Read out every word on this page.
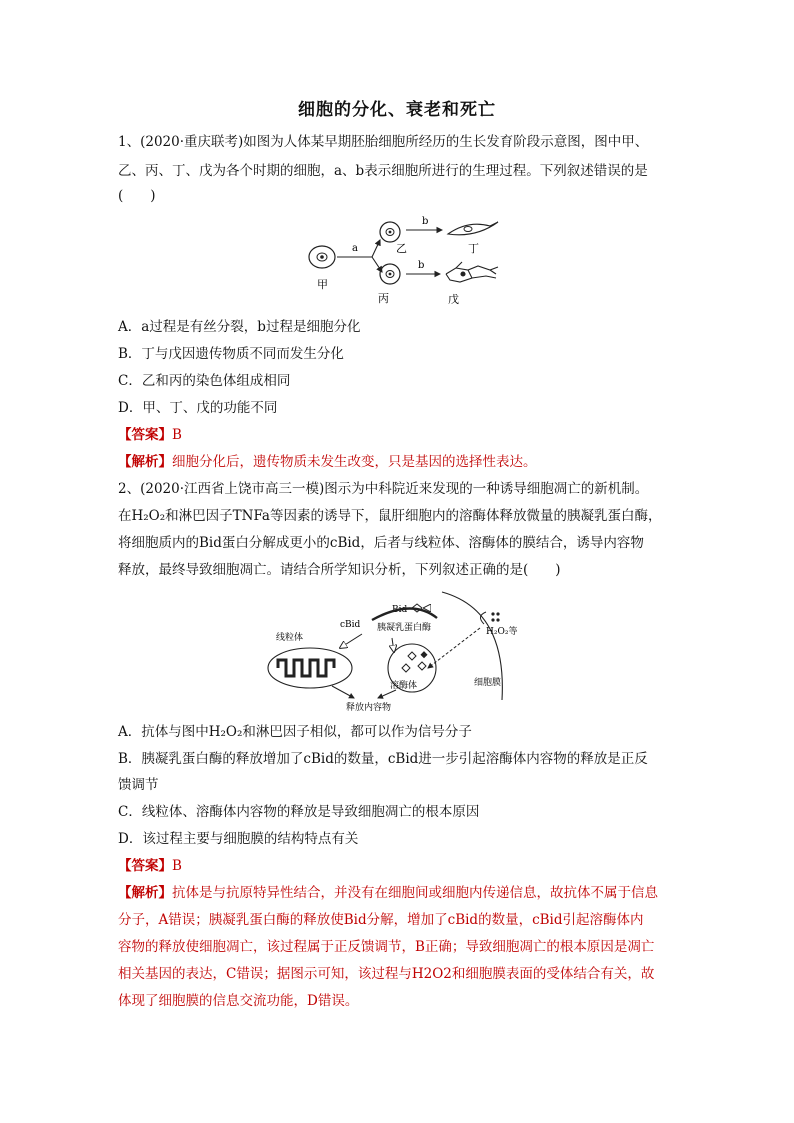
细胞的分化、衰老和死亡
1、(2020·重庆联考)如图为人体某早期胚胎细胞所经历的生长发育阶段示意图，图中甲、
乙、丙、丁、戊为各个时期的细胞，a、b表示细胞所进行的生理过程。下列叙述错误的是
(　　)
甲
a	乙
b
丁
丙
b
戊
A．a过程是有丝分裂，b过程是细胞分化
B．丁与戊因遗传物质不同而发生分化
C．乙和丙的染色体组成相同
D．甲、丁、戊的功能不同
【答案】B
【解析】细胞分化后，遗传物质未发生改变，只是基因的选择性表达。
2、(2020·江西省上饶市高三一模)图示为中科院近来发现的一种诱导细胞凋亡的新机制。
在H₂O₂和淋巴因子TNFa等因素的诱导下，鼠肝细胞内的溶酶体释放微量的胰凝乳蛋白酶，
将细胞质内的Bid蛋白分解成更小的cBid，后者与线粒体、溶酶体的膜结合，诱导内容物
释放，最终导致细胞凋亡。请结合所学知识分析，下列叙述正确的是(　　)
细胞膜
H₂O₂等
Bid
胰凝乳蛋白酶
cBid
线粒体
溶酶体
释放内容物
A．抗体与图中H₂O₂和淋巴因子相似，都可以作为信号分子
B．胰凝乳蛋白酶的释放增加了cBid的数量，cBid进一步引起溶酶体内容物的释放是正反
馈调节
C．线粒体、溶酶体内容物的释放是导致细胞凋亡的根本原因
D．该过程主要与细胞膜的结构特点有关
【答案】B
【解析】抗体是与抗原特异性结合，并没有在细胞间或细胞内传递信息，故抗体不属于信息
分子，A错误；胰凝乳蛋白酶的释放使Bid分解，增加了cBid的数量，cBid引起溶酶体内
容物的释放使细胞凋亡，该过程属于正反馈调节，B正确；导致细胞凋亡的根本原因是凋亡
相关基因的表达，C错误；据图示可知，该过程与H2O2和细胞膜表面的受体结合有关，故
体现了细胞膜的信息交流功能，D错误。
